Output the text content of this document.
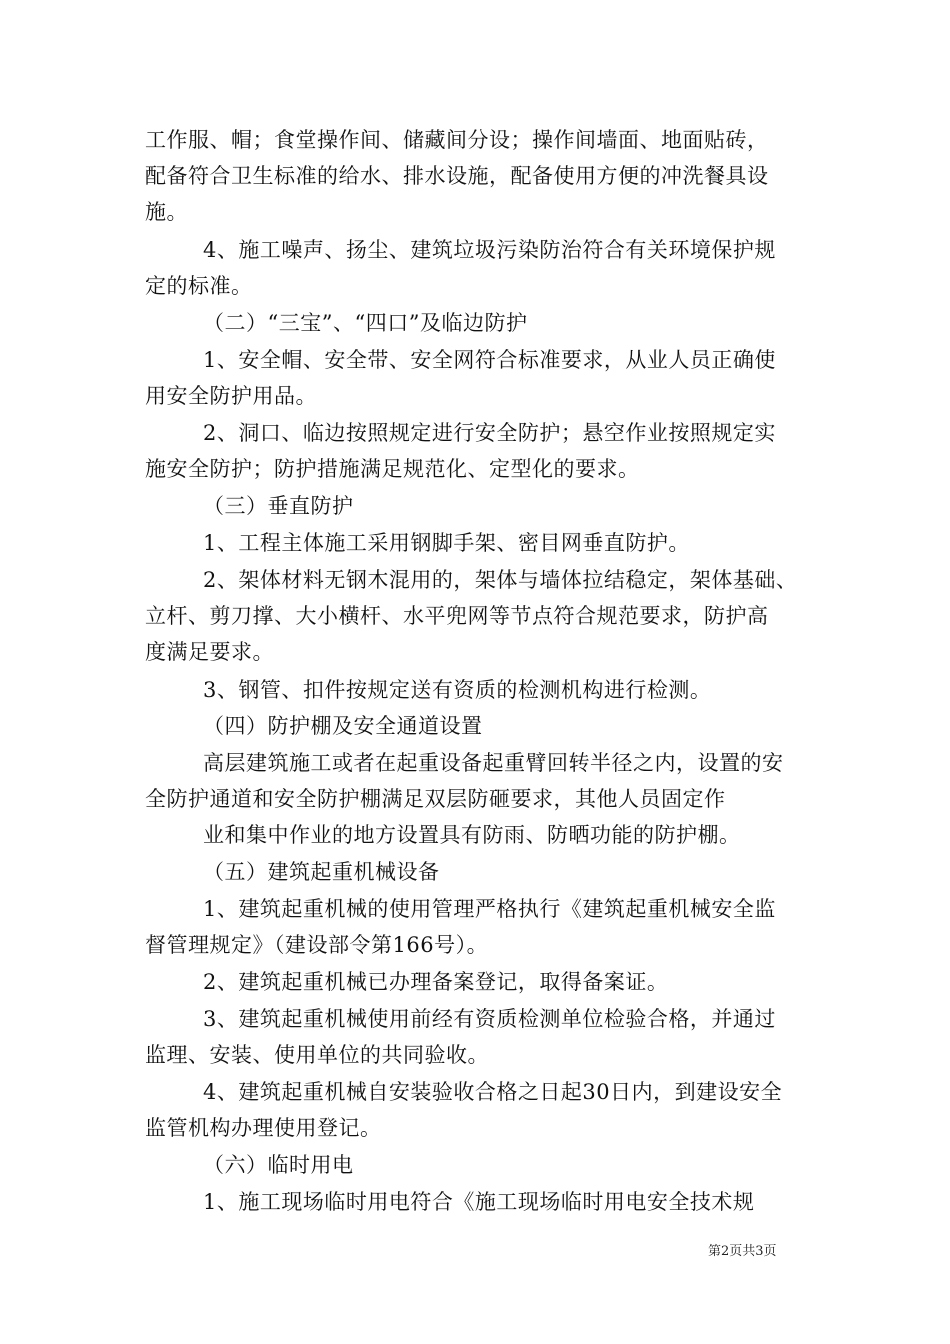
工作服、帽；食堂操作间、储藏间分设；操作间墙面、地面贴砖，
配备符合卫生标准的给水、排水设施，配备使用方便的冲洗餐具设
施。
4、施工噪声、扬尘、建筑垃圾污染防治符合有关环境保护规
定的标准。
（二）“三宝”、“四口”及临边防护
1、安全帽、安全带、安全网符合标准要求，从业人员正确使
用安全防护用品。
2、洞口、临边按照规定进行安全防护；悬空作业按照规定实
施安全防护；防护措施满足规范化、定型化的要求。
（三）垂直防护
1、工程主体施工采用钢脚手架、密目网垂直防护。
2、架体材料无钢木混用的，架体与墙体拉结稳定，架体基础、
立杆、剪刀撑、大小横杆、水平兜网等节点符合规范要求，防护高
度满足要求。
3、钢管、扣件按规定送有资质的检测机构进行检测。
（四）防护棚及安全通道设置
高层建筑施工或者在起重设备起重臂回转半径之内，设置的安
全防护通道和安全防护棚满足双层防砸要求，其他人员固定作
业和集中作业的地方设置具有防雨、防晒功能的防护棚。
（五）建筑起重机械设备
1、建筑起重机械的使用管理严格执行《建筑起重机械安全监
督管理规定》（建设部令第166号）。
2、建筑起重机械已办理备案登记，取得备案证。
3、建筑起重机械使用前经有资质检测单位检验合格，并通过
监理、安装、使用单位的共同验收。
4、建筑起重机械自安装验收合格之日起30日内，到建设安全
监管机构办理使用登记。
（六）临时用电
1、施工现场临时用电符合《施工现场临时用电安全技术规
第2页共3页
